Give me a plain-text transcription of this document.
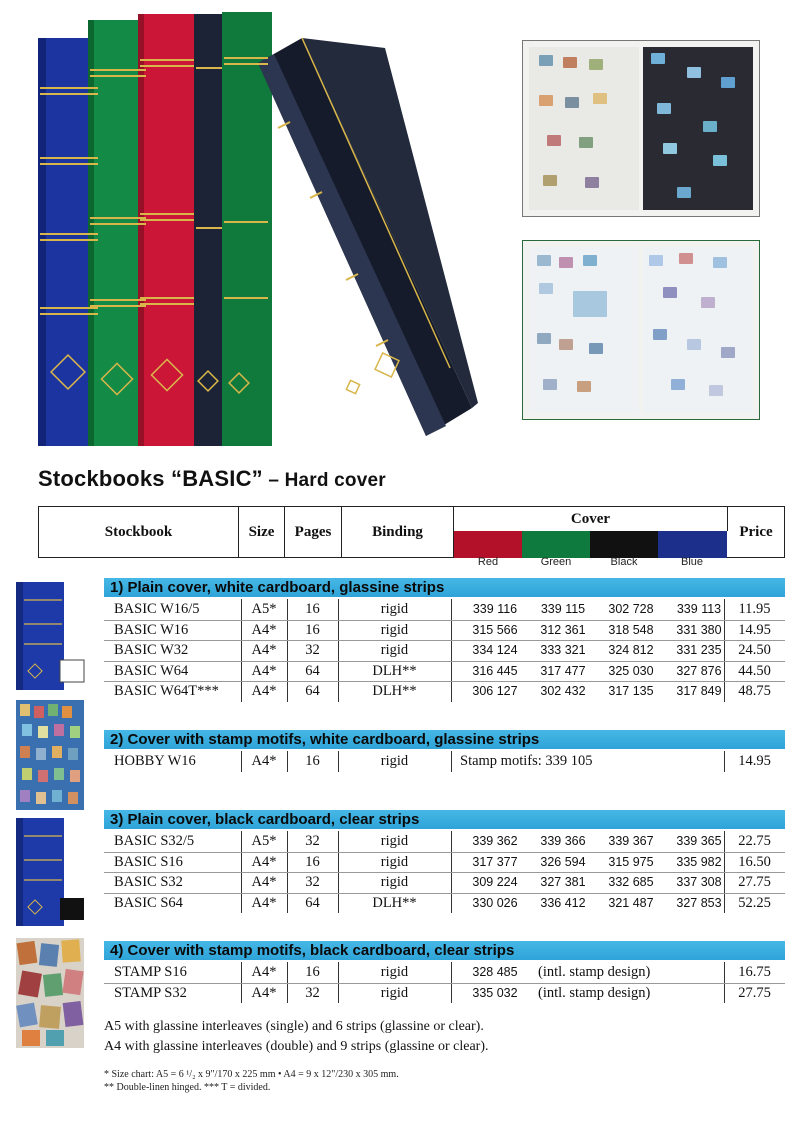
Stockbooks “BASIC” – Hard cover
Stockbook	Size	Pages	Binding
Cover
Price
Red	Green	Black	Blue
1) Plain cover, white cardboard, glassine strips
BASIC W16/5	A5*	16	rigid	339 116	339 115	302 728	339 113	11.95
BASIC W16	A4*	16	rigid	315 566	312 361	318 548	331 380	14.95
BASIC W32	A4*	32	rigid	334 124	333 321	324 812	331 235	24.50
BASIC W64	A4*	64	DLH**	316 445	317 477	325 030	327 876	44.50
BASIC W64T***	A4*	64	DLH**	306 127	302 432	317 135	317 849	48.75
2) Cover with stamp motifs, white cardboard, glassine strips
HOBBY W16	A4*	16	rigid	Stamp motifs: 339 105	14.95
3) Plain cover, black cardboard, clear strips
BASIC S32/5	A5*	32	rigid	339 362	339 366	339 367	339 365	22.75
BASIC S16	A4*	16	rigid	317 377	326 594	315 975	335 982	16.50
BASIC S32	A4*	32	rigid	309 224	327 381	332 685	337 308	27.75
BASIC S64	A4*	64	DLH**	330 026	336 412	321 487	327 853	52.25
4) Cover with stamp motifs, black cardboard, clear strips
STAMP S16	A4*	16	rigid	328 485	(intl. stamp design)	16.75
STAMP S32	A4*	32	rigid	335 032	(intl. stamp design)	27.75
A5 with glassine interleaves (single) and 6 strips (glassine or clear).
A4 with glassine interleaves (double) and 9 strips (glassine or clear).
* Size chart: A5 = 6 ¹/₂ x 9"/170 x 225 mm • A4 = 9 x 12"/230 x 305 mm.
** Double-linen hinged. *** T = divided.
